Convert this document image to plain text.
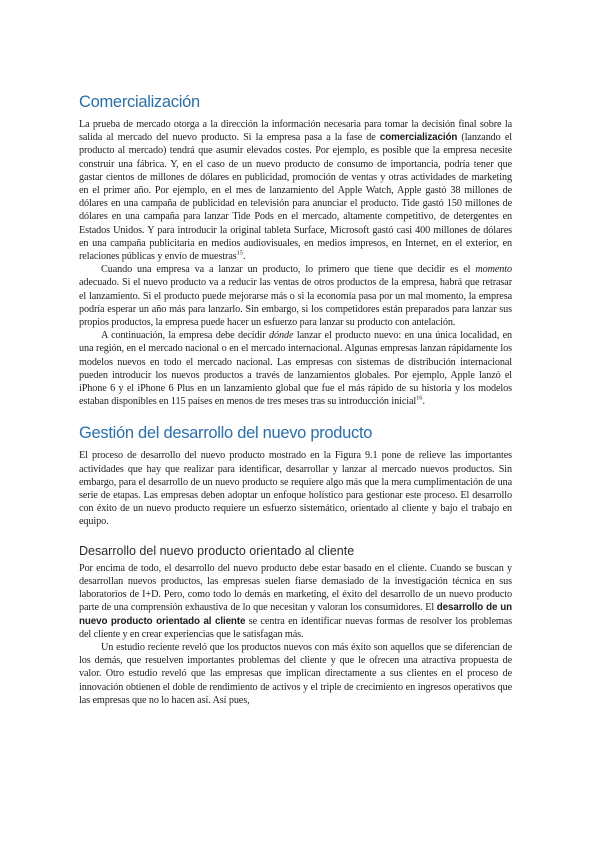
Comercialización

La prueba de mercado otorga a la dirección la información necesaria para tomar la decisión final sobre la salida al mercado del nuevo producto. Si la empresa pasa a la fase de comercialización (lanzando el producto al mercado) tendrá que asumir elevados costes. Por ejemplo, es posible que la empresa necesite construir una fábrica. Y, en el caso de un nuevo producto de consumo de importancia, podría tener que gastar cientos de millones de dólares en publicidad, promoción de ventas y otras actividades de marketing en el primer año. Por ejemplo, en el mes de lanzamiento del Apple Watch, Apple gastó 38 millones de dólares en una campaña de publicidad en televisión para anunciar el producto. Tide gastó 150 millones de dólares en una campaña para lanzar Tide Pods en el mercado, altamente competitivo, de detergentes en Estados Unidos. Y para introducir la original tableta Surface, Microsoft gastó casi 400 millones de dólares en una campaña publicitaria en medios audiovisuales, en medios impresos, en Internet, en el exterior, en relaciones públicas y envío de muestras$^{15}$.

Cuando una empresa va a lanzar un producto, lo primero que tiene que decidir es el momento adecuado. Si el nuevo producto va a reducir las ventas de otros productos de la empresa, habrá que retrasar el lanzamiento. Si el producto puede mejorarse más o si la economía pasa por un mal momento, la empresa podría esperar un año más para lanzarlo. Sin embargo, si los competidores están preparados para lanzar sus propios productos, la empresa puede hacer un esfuerzo para lanzar su producto con antelación.

A continuación, la empresa debe decidir dónde lanzar el producto nuevo: en una única localidad, en una región, en el mercado nacional o en el mercado internacional. Algunas empresas lanzan rápidamente los modelos nuevos en todo el mercado nacional. Las empresas con sistemas de distribución internacional pueden introducir los nuevos productos a través de lanzamientos globales. Por ejemplo, Apple lanzó el iPhone 6 y el iPhone 6 Plus en un lanzamiento global que fue el más rápido de su historia y los modelos estaban disponibles en 115 países en menos de tres meses tras su introducción inicial$^{16}$.

Gestión del desarrollo del nuevo producto

El proceso de desarrollo del nuevo producto mostrado en la Figura 9.1 pone de relieve las importantes actividades que hay que realizar para identificar, desarrollar y lanzar al mercado nuevos productos. Sin embargo, para el desarrollo de un nuevo producto se requiere algo más que la mera cumplimentación de una serie de etapas. Las empresas deben adoptar un enfoque holístico para gestionar este proceso. El desarrollo con éxito de un nuevo producto requiere un esfuerzo sistemático, orientado al cliente y bajo el trabajo en equipo.

Desarrollo del nuevo producto orientado al cliente

Por encima de todo, el desarrollo del nuevo producto debe estar basado en el cliente. Cuando se buscan y desarrollan nuevos productos, las empresas suelen fiarse demasiado de la investigación técnica en sus laboratorios de I+D. Pero, como todo lo demás en marketing, el éxito del desarrollo de un nuevo producto parte de una comprensión exhaustiva de lo que necesitan y valoran los consumidores. El desarrollo de un nuevo producto orientado al cliente se centra en identificar nuevas formas de resolver los problemas del cliente y en crear experiencias que le satisfagan más.

Un estudio reciente reveló que los productos nuevos con más éxito son aquellos que se diferencian de los demás, que resuelven importantes problemas del cliente y que le ofrecen una atractiva propuesta de valor. Otro estudio reveló que las empresas que implican directamente a sus clientes en el proceso de innovación obtienen el doble de rendimiento de activos y el triple de crecimiento en ingresos operativos que las empresas que no lo hacen así. Así pues,
